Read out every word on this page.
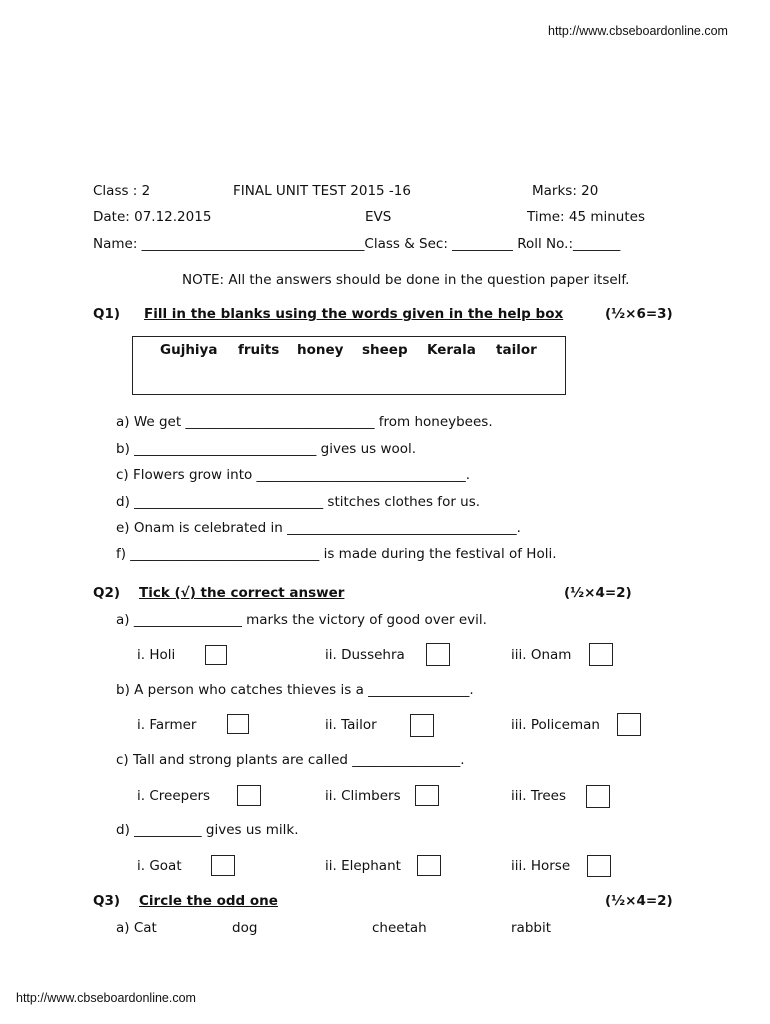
http://www.cbseboardonline.com
Class : 2	FINAL UNIT TEST 2015 -16	Marks: 20
Date: 07.12.2015	EVS	Time: 45 minutes
Name: _________________________________Class & Sec: _________ Roll No.:_______
NOTE: All the answers should be done in the question paper itself.
Q1) Fill in the blanks using the words given in the help box	(½×6=3)
Gujhiya fruits honey sheep Kerala tailor
a) We get ____________________________ from honeybees.
b) ___________________________ gives us wool.
c) Flowers grow into _______________________________.
d) ____________________________ stitches clothes for us.
e) Onam is celebrated in __________________________________.
f) ____________________________ is made during the festival of Holi.
Q2) Tick (√) the correct answer	(½×4=2)
a) ________________ marks the victory of good over evil.
i. Holi	ii. Dussehra	iii. Onam
b) A person who catches thieves is a _______________.
i. Farmer	ii. Tailor	iii. Policeman
c) Tall and strong plants are called ________________.
i. Creepers	ii. Climbers	iii. Trees
d) __________ gives us milk.
i. Goat	ii. Elephant	iii. Horse
Q3) Circle the odd one	(½×4=2)
a) Cat	dog	cheetah	rabbit
http://www.cbseboardonline.com
